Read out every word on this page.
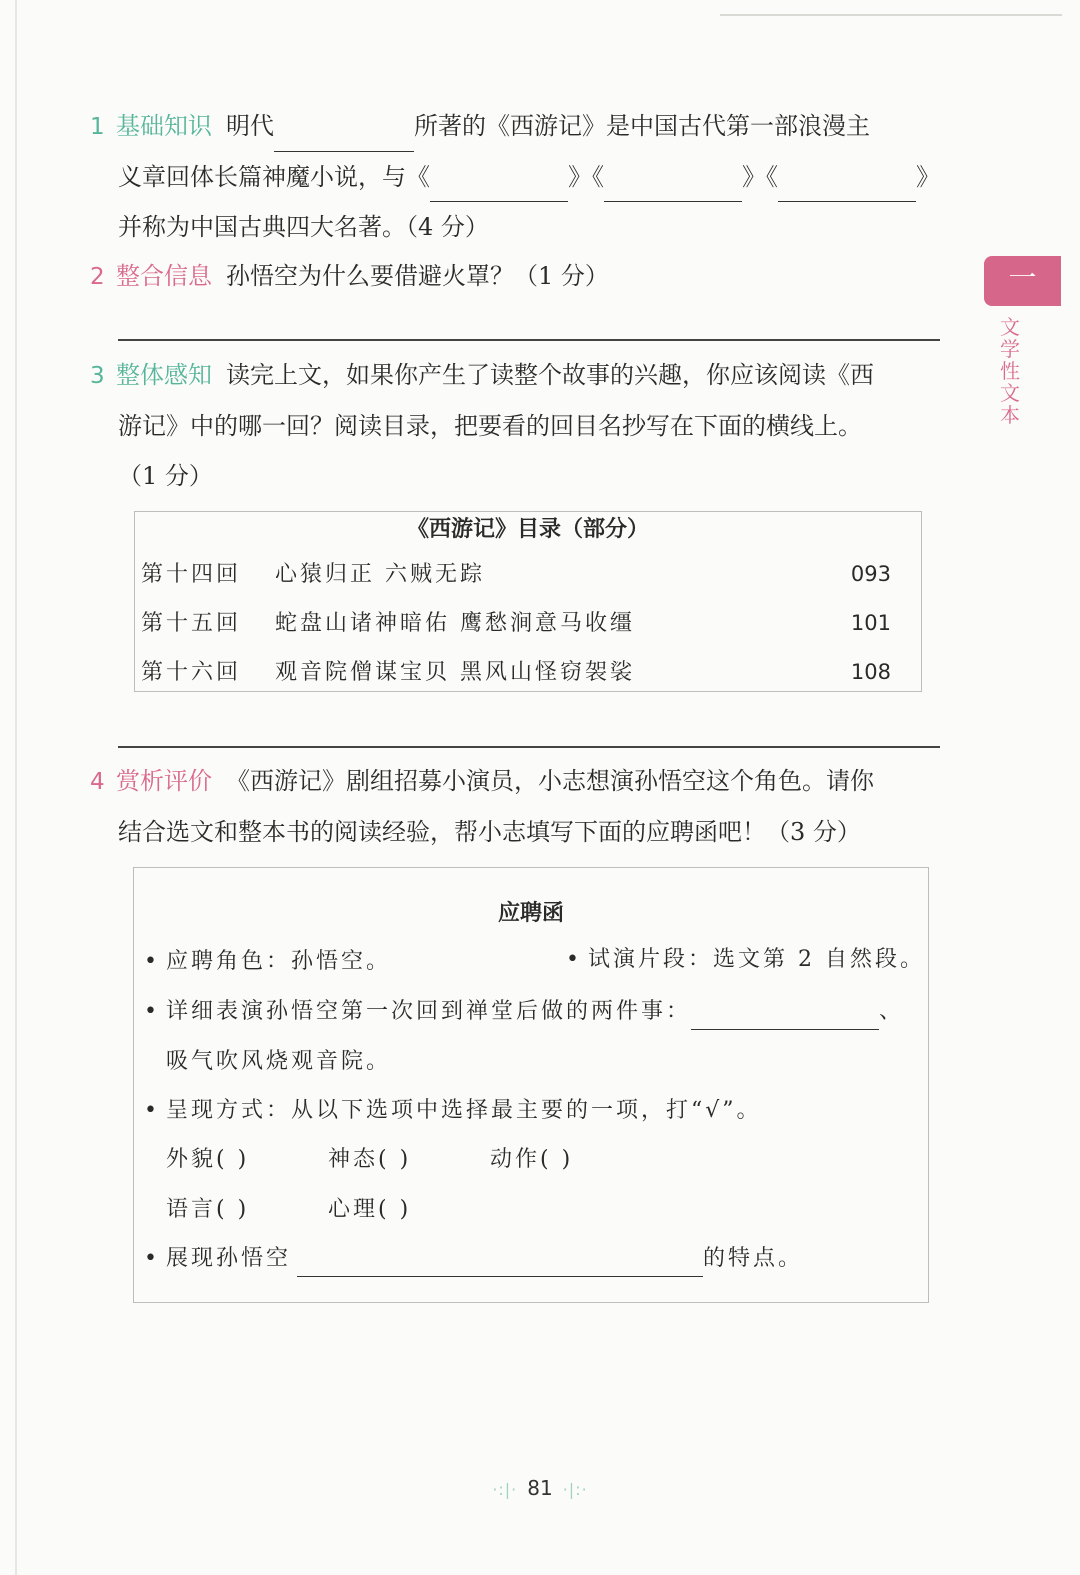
一
文学性文本
1 基础知识 明代	所著的《西游记》是中国古代第一部浪漫主
义章回体长篇神魔小说，与《	》《	》《	》
并称为中国古典四大名著。（4 分）
2 整合信息 孙悟空为什么要借避火罩？（1 分）
3 整体感知 读完上文，如果你产生了读整个故事的兴趣，你应该阅读《西
游记》中的哪一回？阅读目录，把要看的回目名抄写在下面的横线上。
（1 分）
《西游记》目录（部分）
第十四回 心猿归正 六贼无踪	093
第十五回 蛇盘山诸神暗佑 鹰愁涧意马收缰	101
第十六回 观音院僧谋宝贝 黑风山怪窃袈裟	108
4 赏析评价 《西游记》剧组招募小演员，小志想演孙悟空这个角色。请你
结合选文和整本书的阅读经验，帮小志填写下面的应聘函吧！（3 分）
应聘函
• 应聘角色：孙悟空。	• 试演片段：选文第 2 自然段。
• 详细表演孙悟空第一次回到禅堂后做的两件事：	、
吸气吹风烧观音院。
• 呈现方式：从以下选项中选择最主要的一项，打“√”。
外貌( )	神态( )	动作( )
语言( )	心理( )
• 展现孙悟空	的特点。
·:|· 81 ·|:·
